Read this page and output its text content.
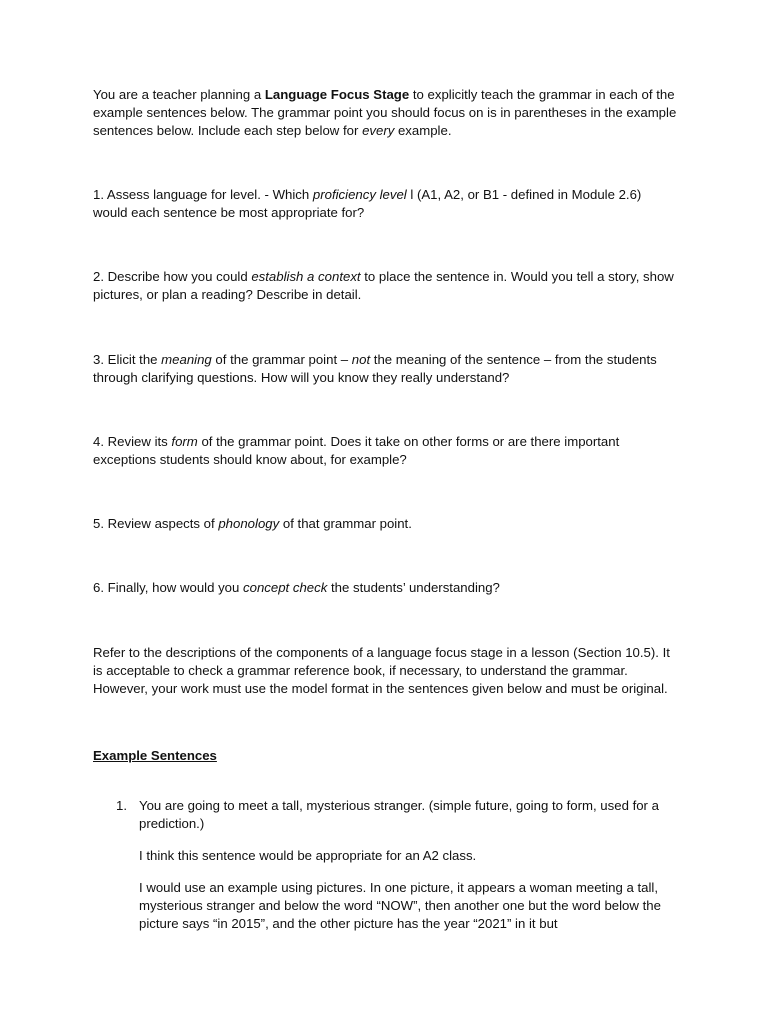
You are a teacher planning a Language Focus Stage to explicitly teach the grammar in each of the example sentences below. The grammar point you should focus on is in parentheses in the example sentences below. Include each step below for every example.

1. Assess language for level. - Which proficiency level l (A1, A2, or B1 - defined in Module 2.6) would each sentence be most appropriate for?

2. Describe how you could establish a context to place the sentence in. Would you tell a story, show pictures, or plan a reading? Describe in detail.

3. Elicit the meaning of the grammar point – not the meaning of the sentence – from the students through clarifying questions. How will you know they really understand?

4. Review its form of the grammar point. Does it take on other forms or are there important exceptions students should know about, for example?

5. Review aspects of phonology of that grammar point.

6. Finally, how would you concept check the students’ understanding?

Refer to the descriptions of the components of a language focus stage in a lesson (Section 10.5). It is acceptable to check a grammar reference book, if necessary, to understand the grammar. However, your work must use the model format in the sentences given below and must be original.

Example Sentences

1. You are going to meet a tall, mysterious stranger. (simple future, going to form, used for a prediction.)

I think this sentence would be appropriate for an A2 class.

I would use an example using pictures. In one picture, it appears a woman meeting a tall, mysterious stranger and below the word “NOW”, then another one but the word below the picture says “in 2015”, and the other picture has the year “2021” in it but
